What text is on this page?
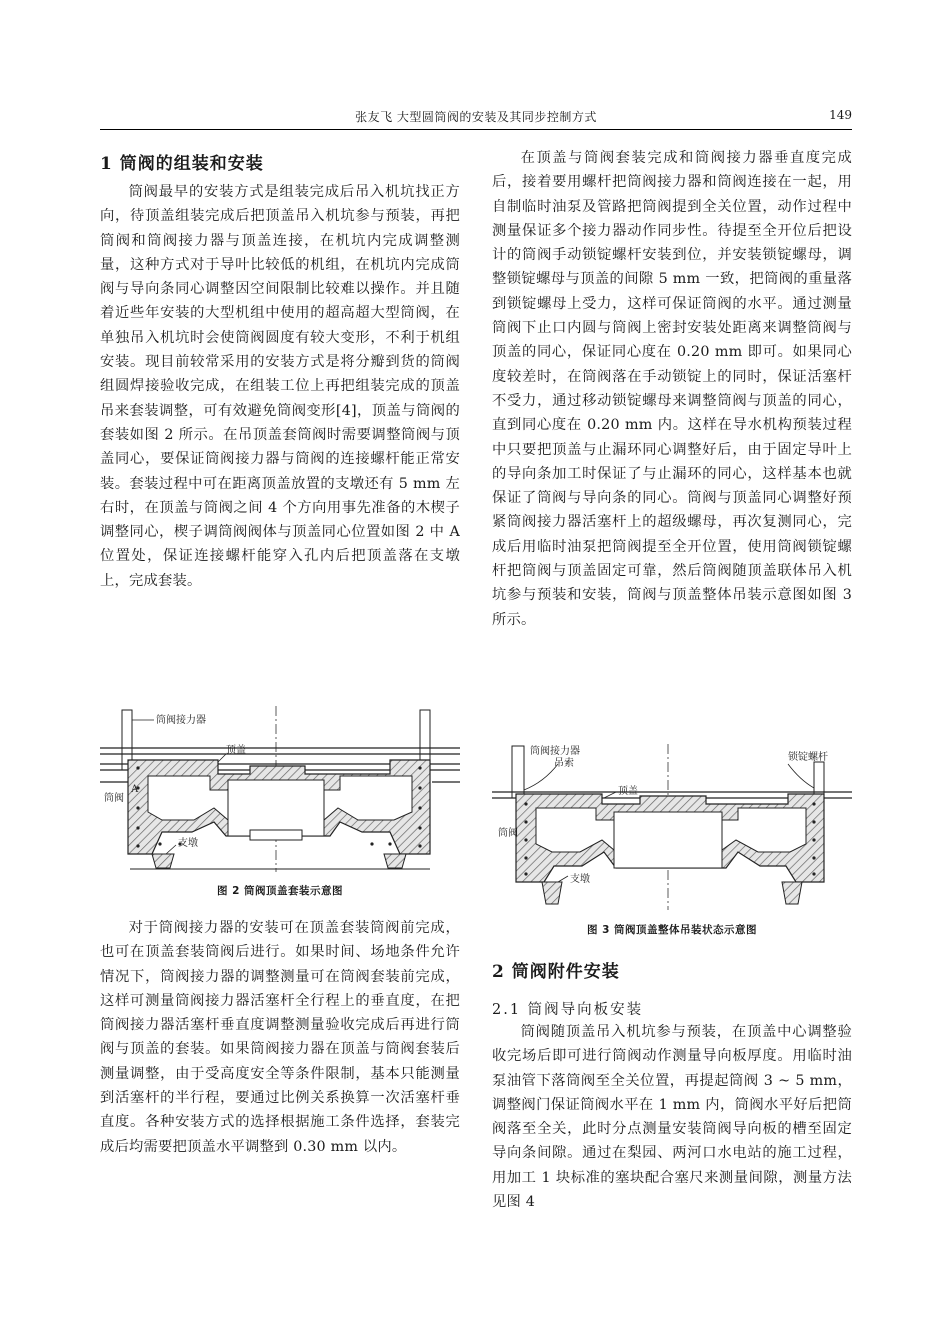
张友飞 大型圆筒阀的安装及其同步控制方式	149
1 筒阀的组装和安装
筒阀最早的安装方式是组装完成后吊入机坑找正方向，待顶盖组装完成后把顶盖吊入机坑参与预装，再把筒阀和筒阀接力器与顶盖连接，在机坑内完成调整测量，这种方式对于导叶比较低的机组，在机坑内完成筒阀与导向条同心调整因空间限制比较难以操作。并且随着近些年安装的大型机组中使用的超高超大型筒阀，在单独吊入机坑时会使筒阀圆度有较大变形，不利于机组安装。现目前较常采用的安装方式是将分瓣到货的筒阀组圆焊接验收完成，在组装工位上再把组装完成的顶盖吊来套装调整，可有效避免筒阀变形[4]，顶盖与筒阀的套装如图 2 所示。在吊顶盖套筒阀时需要调整筒阀与顶盖同心，要保证筒阀接力器与筒阀的连接螺杆能正常安装。套装过程中可在距离顶盖放置的支墩还有 5 mm 左右时，在顶盖与筒阀之间 4 个方向用事先准备的木楔子调整同心，楔子调筒阀阀体与顶盖同心位置如图 2 中 A 位置处，保证连接螺杆能穿入孔内后把顶盖落在支墩上，完成套装。
筒阀接力器
顶盖
筒阀
A
支墩
图 2 筒阀顶盖套装示意图
对于筒阀接力器的安装可在顶盖套装筒阀前完成，也可在顶盖套装筒阀后进行。如果时间、场地条件允许情况下，筒阀接力器的调整测量可在筒阀套装前完成，这样可测量筒阀接力器活塞杆全行程上的垂直度，在把筒阀接力器活塞杆垂直度调整测量验收完成后再进行筒阀与顶盖的套装。如果筒阀接力器在顶盖与筒阀套装后测量调整，由于受高度安全等条件限制，基本只能测量到活塞杆的半行程，要通过比例关系换算一次活塞杆垂直度。各种安装方式的选择根据施工条件选择，套装完成后均需要把顶盖水平调整到 0.30 mm 以内。
在顶盖与筒阀套装完成和筒阀接力器垂直度完成后，接着要用螺杆把筒阀接力器和筒阀连接在一起，用自制临时油泵及管路把筒阀提到全关位置，动作过程中测量保证多个接力器动作同步性。待提至全开位后把设计的筒阀手动锁锭螺杆安装到位，并安装锁锭螺母，调整锁锭螺母与顶盖的间隙 5 mm 一致，把筒阀的重量落到锁锭螺母上受力，这样可保证筒阀的水平。通过测量筒阀下止口内圆与筒阀上密封安装处距离来调整筒阀与顶盖的同心，保证同心度在 0.20 mm 即可。如果同心度较差时，在筒阀落在手动锁锭上的同时，保证活塞杆不受力，通过移动锁锭螺母来调整筒阀与顶盖的同心，直到同心度在 0.20 mm 内。这样在导水机构预装过程中只要把顶盖与止漏环同心调整好后，由于固定导叶上的导向条加工时保证了与止漏环的同心，这样基本也就保证了筒阀与导向条的同心。筒阀与顶盖同心调整好预紧筒阀接力器活塞杆上的超级螺母，再次复测同心，完成后用临时油泵把筒阀提至全开位置，使用筒阀锁锭螺杆把筒阀与顶盖固定可靠，然后筒阀随顶盖联体吊入机坑参与预装和安装，筒阀与顶盖整体吊装示意图如图 3 所示。
筒阀接力器
吊索
锁锭螺杆
顶盖
筒阀
支墩
图 3 筒阀顶盖整体吊装状态示意图
2 筒阀附件安装
2.1 筒阀导向板安装
筒阀随顶盖吊入机坑参与预装，在顶盖中心调整验收完场后即可进行筒阀动作测量导向板厚度。用临时油泵油管下落筒阀至全关位置，再提起筒阀 3 ~ 5 mm，调整阀门保证筒阀水平在 1 mm 内，筒阀水平好后把筒阀落至全关，此时分点测量安装筒阀导向板的槽至固定导向条间隙。通过在梨园、两河口水电站的施工过程，用加工 1 块标准的塞块配合塞尺来测量间隙，测量方法见图 4
